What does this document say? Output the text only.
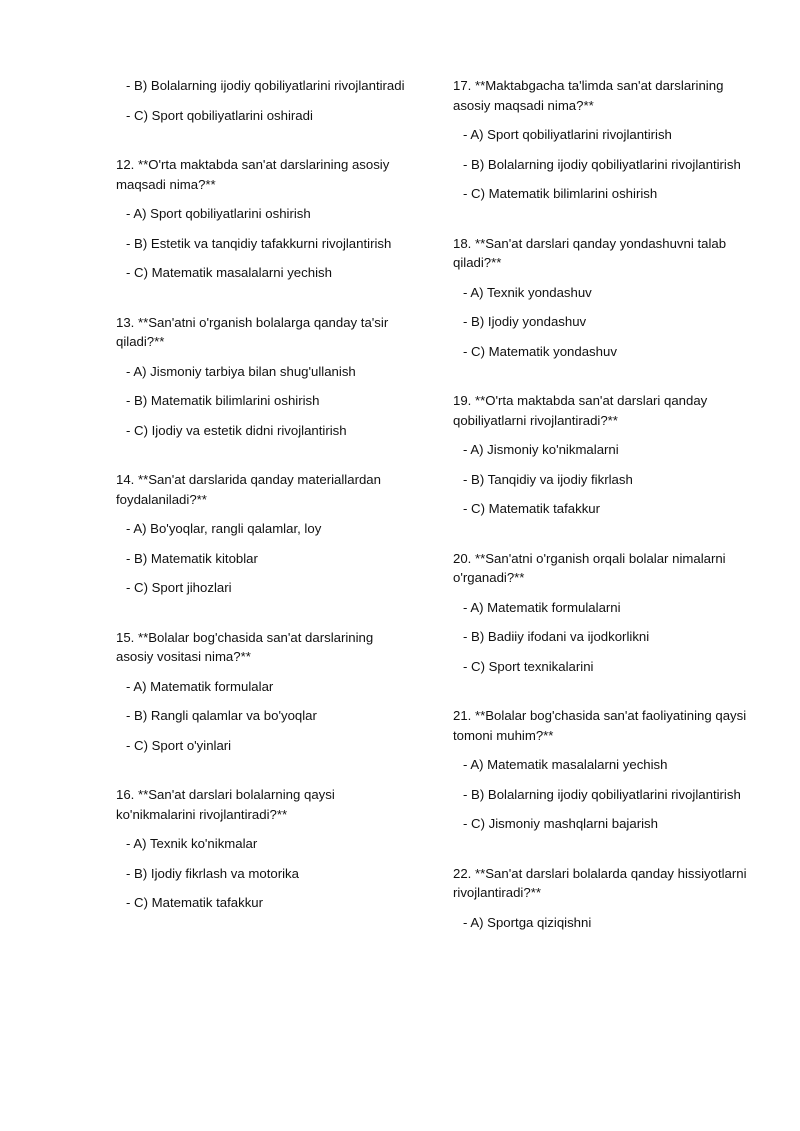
- B) Bolalarning ijodiy qobiliyatlarini rivojlantiradi
- C) Sport qobiliyatlarini oshiradi
12. **O'rta maktabda san'at darslarining asosiy maqsadi nima?**
- A) Sport qobiliyatlarini oshirish
- B) Estetik va tanqidiy tafakkurni rivojlantirish
- C) Matematik masalalarni yechish
13. **San'atni o'rganish bolalarga qanday ta'sir qiladi?**
- A) Jismoniy tarbiya bilan shug'ullanish
- B) Matematik bilimlarini oshirish
- C) Ijodiy va estetik didni rivojlantirish
14. **San'at darslarida qanday materiallardan foydalaniladi?**
- A) Bo'yoqlar, rangli qalamlar, loy
- B) Matematik kitoblar
- C) Sport jihozlari
15. **Bolalar bog'chasida san'at darslarining asosiy vositasi nima?**
- A) Matematik formulalar
- B) Rangli qalamlar va bo'yoqlar
- C) Sport o'yinlari
16. **San'at darslari bolalarning qaysi ko'nikmalarini rivojlantiradi?**
- A) Texnik ko'nikmalar
- B) Ijodiy fikrlash va motorika
- C) Matematik tafakkur
17. **Maktabgacha ta'limda san'at darslarining asosiy maqsadi nima?**
- A) Sport qobiliyatlarini rivojlantirish
- B) Bolalarning ijodiy qobiliyatlarini rivojlantirish
- C) Matematik bilimlarini oshirish
18. **San'at darslari qanday yondashuvni talab qiladi?**
- A) Texnik yondashuv
- B) Ijodiy yondashuv
- C) Matematik yondashuv
19. **O'rta maktabda san'at darslari qanday qobiliyatlarni rivojlantiradi?**
- A) Jismoniy ko'nikmalarni
- B) Tanqidiy va ijodiy fikrlash
- C) Matematik tafakkur
20. **San'atni o'rganish orqali bolalar nimalarni o'rganadi?**
- A) Matematik formulalarni
- B) Badiiy ifodani va ijodkorlikni
- C) Sport texnikalarini
21. **Bolalar bog'chasida san'at faoliyatining qaysi tomoni muhim?**
- A) Matematik masalalarni yechish
- B) Bolalarning ijodiy qobiliyatlarini rivojlantirish
- C) Jismoniy mashqlarni bajarish
22. **San'at darslari bolalarda qanday hissiyotlarni rivojlantiradi?**
- A) Sportga qiziqishni
